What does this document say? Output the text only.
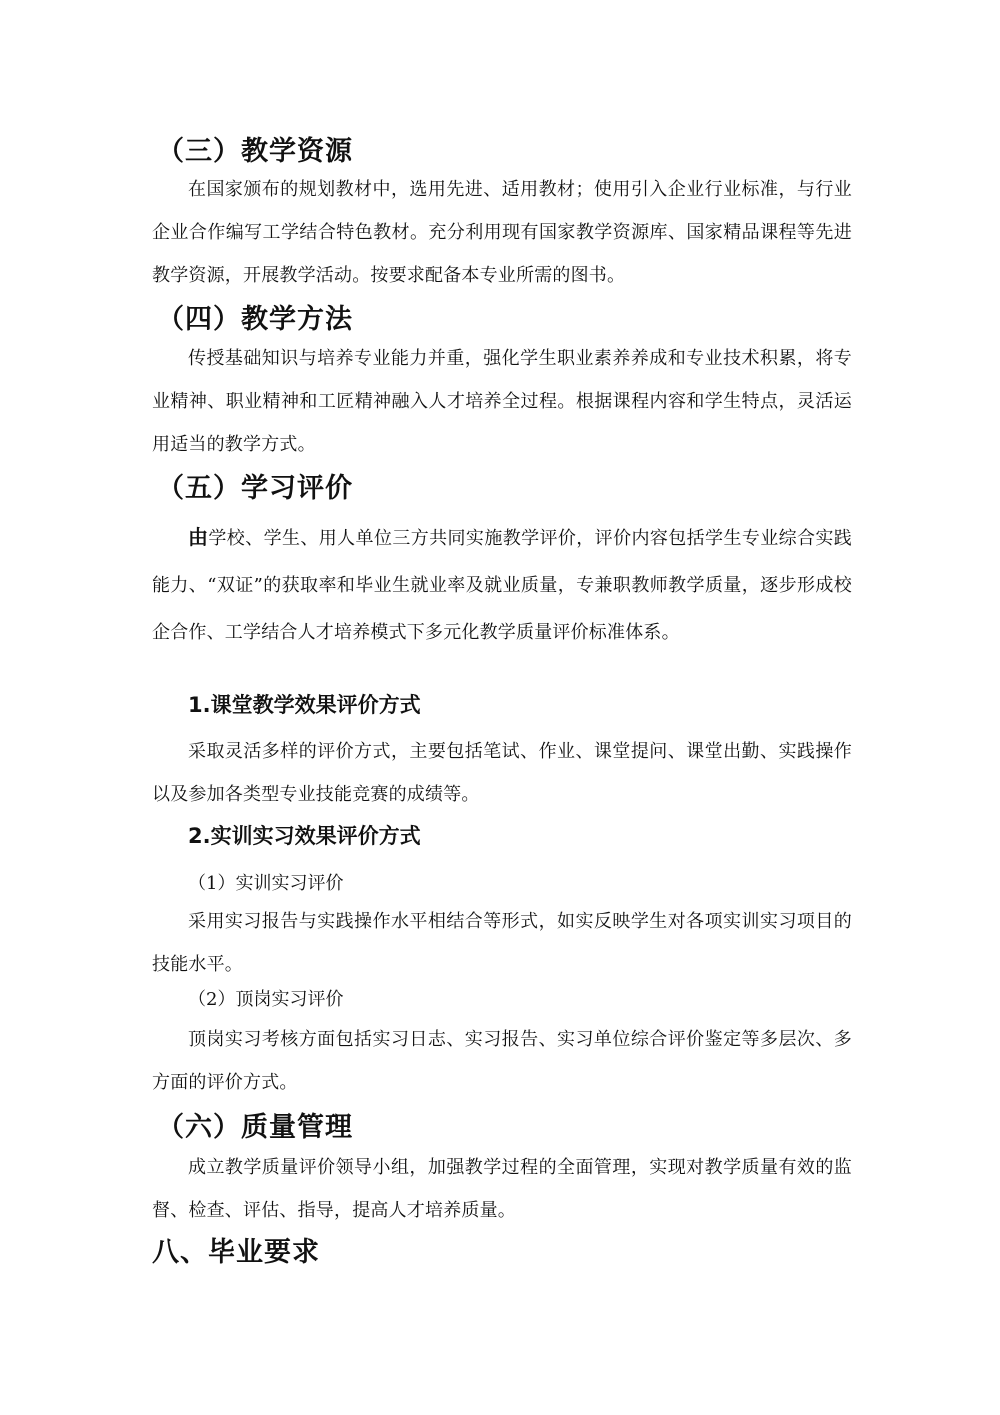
（三）教学资源
在国家颁布的规划教材中，选用先进、适用教材；使用引入企业行业标准，与行业企业合作编写工学结合特色教材。充分利用现有国家教学资源库、国家精品课程等先进教学资源，开展教学活动。按要求配备本专业所需的图书。
（四）教学方法
传授基础知识与培养专业能力并重，强化学生职业素养养成和专业技术积累，将专业精神、职业精神和工匠精神融入人才培养全过程。根据课程内容和学生特点，灵活运用适当的教学方式。
（五）学习评价
由学校、学生、用人单位三方共同实施教学评价，评价内容包括学生专业综合实践能力、“双证”的获取率和毕业生就业率及就业质量，专兼职教师教学质量，逐步形成校企合作、工学结合人才培养模式下多元化教学质量评价标准体系。
1.课堂教学效果评价方式
采取灵活多样的评价方式，主要包括笔试、作业、课堂提问、课堂出勤、实践操作以及参加各类型专业技能竞赛的成绩等。
2.实训实习效果评价方式
（1）实训实习评价
采用实习报告与实践操作水平相结合等形式，如实反映学生对各项实训实习项目的技能水平。
（2）顶岗实习评价
顶岗实习考核方面包括实习日志、实习报告、实习单位综合评价鉴定等多层次、多方面的评价方式。
（六）质量管理
成立教学质量评价领导小组，加强教学过程的全面管理，实现对教学质量有效的监督、检查、评估、指导，提高人才培养质量。
八、毕业要求
